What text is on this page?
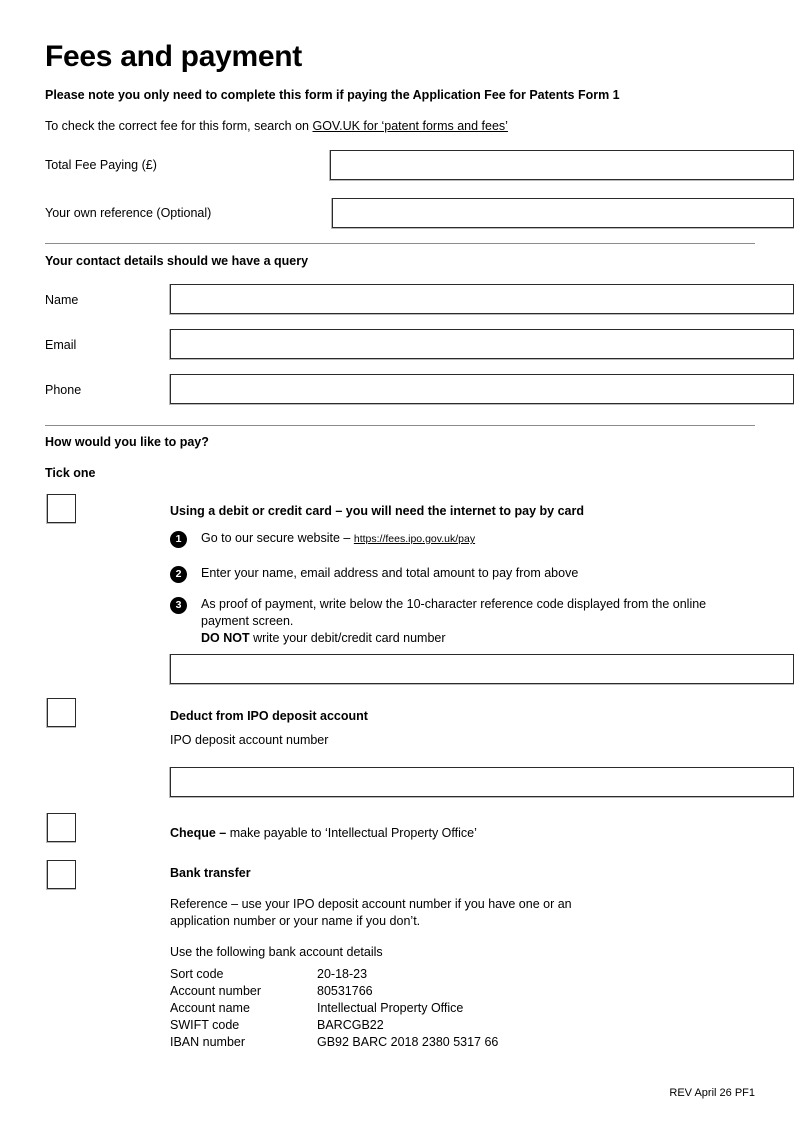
Fees and payment
Please note you only need to complete this form if paying the Application Fee for Patents Form 1
To check the correct fee for this form, search on GOV.UK for ‘patent forms and fees’
Total Fee Paying (£)
Your own reference (Optional)
Your contact details should we have a query
Name
Email
Phone
How would you like to pay?
Tick one
Using a debit or credit card – you will need the internet to pay by card
1	Go to our secure website – https://fees.ipo.gov.uk/pay
2	Enter your name, email address and total amount to pay from above
3	As proof of payment, write below the 10-character reference code displayed from the online payment screen.
DO NOT write your debit/credit card number
Deduct from IPO deposit account
IPO deposit account number
Cheque – make payable to ‘Intellectual Property Office’
Bank transfer
Reference – use your IPO deposit account number if you have one or an application number or your name if you don’t.
Use the following bank account details
Sort code	20-18-23
Account number	80531766
Account name	Intellectual Property Office
SWIFT code	BARCGB22
IBAN number	GB92 BARC 2018 2380 5317 66
REV April 26 PF1
